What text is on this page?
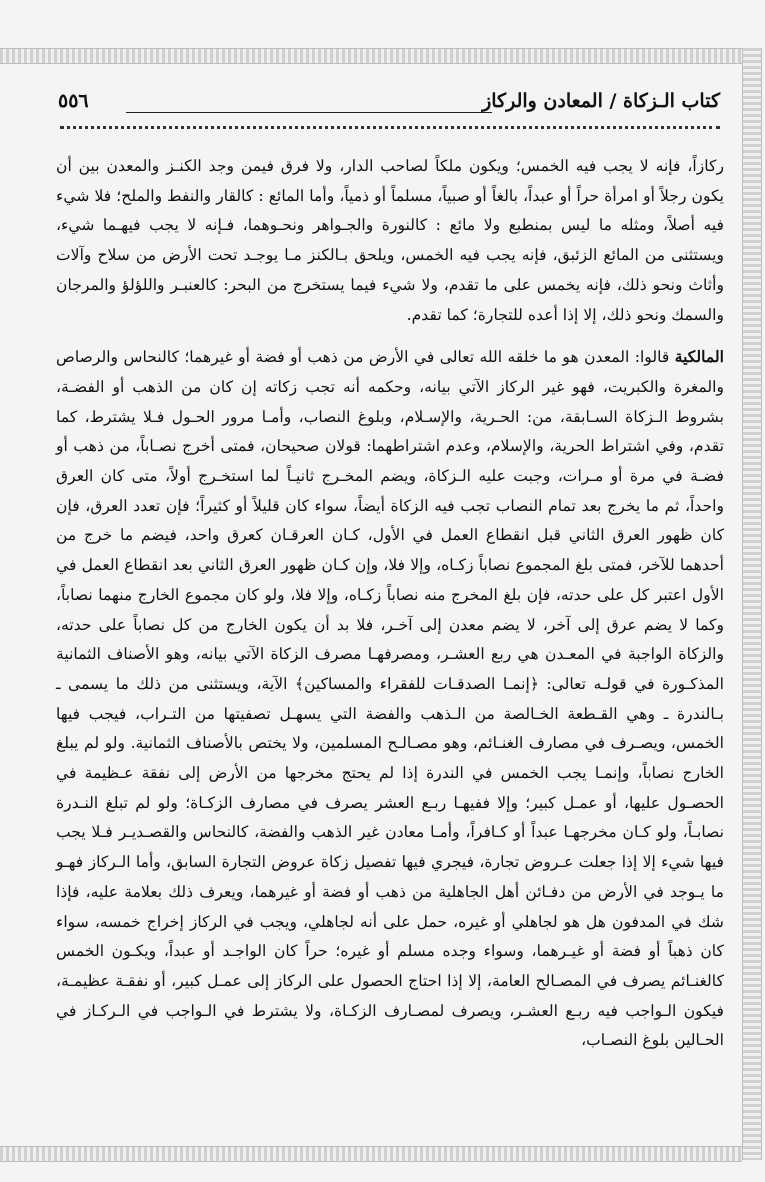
كتاب الـزكاة / المعادن والركاز
٥٥٦

ركازاً، فإنه لا يجب فيه الخمس؛ ويكون ملكاً لصاحب الدار، ولا فرق فيمن وجد الكنـز والمعدن بين أن يكون رجلاً أو امرأة حراً أو عبداً، بالغاً أو صبياً، مسلماً أو ذمياً، وأما المائع : كالقار والنفط والملح؛ فلا شيء فيه أصلاً، ومثله ما ليس بمنطبع ولا مائع : كالنورة والجـواهر ونحـوهما، فـإنه لا يجب فيهـما شيء، ويستثنى من المائع الزئبق، فإنه يجب فيه الخمس، ويلحق بـالكنز مـا يوجـد تحت الأرض من سلاح وآلات وأثاث ونحو ذلك، فإنه يخمس على ما تقدم، ولا شيء فيما يستخرج من البحر: كالعنبـر واللؤلؤ والمرجان والسمك ونحو ذلك، إلا إذا أعده للتجارة؛ كما تقدم.

المالكية قالوا: المعدن هو ما خلقه الله تعالى في الأرض من ذهب أو فضة أو غيرهما؛ كالنحاس والرصاص والمغرة والكبريت، فهو غير الركاز الآتي بيانه، وحكمه أنه تجب زكاته إن كان من الذهب أو الفضـة، بشروط الـزكاة السـابقة، من: الحـرية، والإسـلام، وبلوغ النصاب، وأمـا مرور الحـول فـلا يشترط، كما تقدم، وفي اشتراط الحرية، والإسلام، وعدم اشتراطهما: قولان صحيحان، فمتى أخرج نصـاباً، من ذهب أو فضـة في مرة أو مـرات، وجبت عليه الـزكاة، ويضم المخـرج ثانيـاً لما استخـرج أولاً، متى كان العرق واحداً، ثم ما يخرج بعد تمام النصاب تجب فيه الزكاة أيضاً، سواء كان قليلاً أو كثيراً؛ فإن تعدد العرق، فإن كان ظهور العرق الثاني قبل انقطاع العمل في الأول، كـان العرقـان كعرق واحد، فيضم ما خرج من أحدهما للآخر، فمتى بلغ المجموع نصاباً زكـاه، وإلا فلا، وإن كـان ظهور العرق الثاني بعد انقطاع العمل في الأول اعتبر كل على حدته، فإن بلغ المخرج منه نصاباً زكـاه، وإلا فلا، ولو كان مجموع الخارج منهما نصاباً، وكما لا يضم عرق إلى آخر، لا يضم معدن إلى آخـر، فلا بد أن يكون الخارج من كل نصاباً على حدته، والزكاة الواجبة في المعـدن هي ربع العشـر، ومصرفهـا مصرف الزكاة الآتي بيانه، وهو الأصناف الثمانية المذكـورة في قولـه تعالى: ﴿إنمـا الصدقـات للفقراء والمساكين﴾ الآية، ويستثنى من ذلك ما يسمى ـ بـالندرة ـ وهي القـطعة الخـالصة من الـذهب والفضة التي يسهـل تصفيتها من التـراب، فيجب فيها الخمس، ويصـرف في مصارف الغنـائم، وهو مصـالـح المسلمين، ولا يختص بالأصناف الثمانية. ولو لم يبلغ الخارج نصاباً، وإنمـا يجب الخمس في الندرة إذا لم يحتج مخرجها من الأرض إلى نفقة عـظيمة في الحصـول عليها، أو عمـل كبير؛ وإلا ففيهـا ربـع العشر يصرف في مصارف الزكـاة؛ ولو لم تبلغ النـدرة نصابـاً، ولو كـان مخرجهـا عبداً أو كـافراً، وأمـا معادن غير الذهب والفضة، كالنحاس والقصـديـر فـلا يجب فيها شيء إلا إذا جعلت عـروض تجارة، فيجري فيها تفصيل زكاة عروض التجارة السابق، وأما الـركاز فهـو ما يـوجد في الأرض من دفـائن أهل الجاهلية من ذهب أو فضة أو غيرهما، ويعرف ذلك بعلامة عليه، فإذا شك في المدفون هل هو لجاهلي أو غيره، حمل على أنه لجاهلي، ويجب في الركاز إخراج خمسه، سواء كان ذهباً أو فضة أو غيـرهما، وسواء وجده مسلم أو غيره؛ حراً كان الواجـد أو عبداً، ويكـون الخمس كالغنـائم يصرف في المصـالح العامة، إلا إذا احتاج الحصول على الركاز إلى عمـل كبير، أو نفقـة عظيمـة، فيكون الـواجب فيه ربـع العشـر، ويصرف لمصـارف الزكـاة، ولا يشترط في الـواجب في الـركـاز في الحـالين بلوغ النصـاب،
